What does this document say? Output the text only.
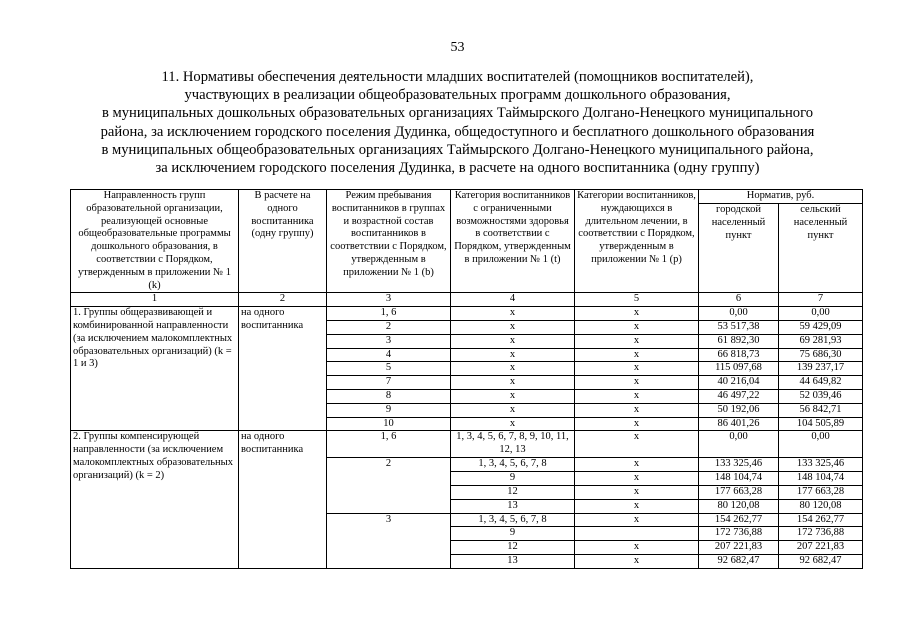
53
11. Нормативы обеспечения деятельности младших воспитателей (помощников воспитателей),
участвующих в реализации общеобразовательных программ дошкольного образования,
в муниципальных дошкольных образовательных организациях Таймырского Долгано-Ненецкого муниципального
района, за исключением городского поселения Дудинка, общедоступного и бесплатного дошкольного образования
в муниципальных общеобразовательных организациях Таймырского Долгано-Ненецкого муниципального района,
за исключением городского поселения Дудинка, в расчете на одного воспитанника (одну группу)
Направленность групп образовательной организации, реализующей основные общеобразовательные программы дошкольного образования, в соответствии с Порядком, утвержденным в приложении № 1 (k)	В расчете на одного воспитанника (одну группу)	Режим пребывания воспитанников в группах и возрастной состав воспитанников в соответствии с Порядком, утвержденным в приложении № 1 (b)	Категория воспитанников с ограниченными возможностями здоровья в соответствии с Порядком, утвержденным в приложении № 1 (t)	Категории воспитанников, нуждающихся в длительном лечении, в соответствии с Порядком, утвержденным в приложении № 1 (p)	Норматив, руб.	
					городской населенный пункт	сельский населенный пункт
1	2	3	4	5	6	7
1. Группы общеразвивающей и комбинированной направленности (за исключением малокомплектных образовательных организаций) (k = 1 и 3)	на одного воспитанника	1, 6	x	x	0,00	0,00
		2	x	x	53 517,38	59 429,09
		3	x	x	61 892,30	69 281,93
		4	x	x	66 818,73	75 686,30
		5	x	x	115 097,68	139 237,17
		7	x	x	40 216,04	44 649,82
		8	x	x	46 497,22	52 039,46
		9	x	x	50 192,06	56 842,71
		10	x	x	86 401,26	104 505,89
2. Группы компенсирующей направленности (за исключением малокомплектных образовательных организаций) (k = 2)	на одного воспитанника	1, 6	1, 3, 4, 5, 6, 7, 8, 9, 10, 11, 12, 13	x	0,00	0,00
		2	1, 3, 4, 5, 6, 7, 8	x	133 325,46	133 325,46
			9	x	148 104,74	148 104,74
			12	x	177 663,28	177 663,28
			13	x	80 120,08	80 120,08
		3	1, 3, 4, 5, 6, 7, 8	x	154 262,77	154 262,77
			9		172 736,88	172 736,88
			12	x	207 221,83	207 221,83
			13	x	92 682,47	92 682,47
